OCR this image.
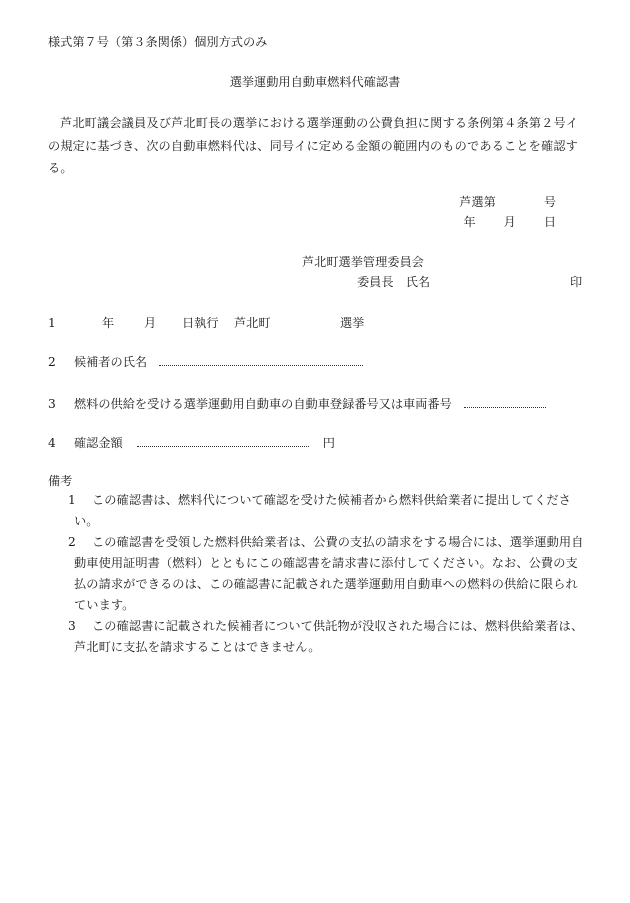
様式第７号（第３条関係）個別方式のみ
選挙運動用自動車燃料代確認書
芦北町議会議員及び芦北町長の選挙における選挙運動の公費負担に関する条例第４条第２号イの規定に基づき、次の自動車燃料代は、同号イに定める金額の範囲内のものであることを確認する。
芦選第	号
年 月 日
芦北町選挙管理委員会
委員長　氏名	印
1	年 月 日執行 芦北町	選挙
2 候補者の氏名
3 燃料の供給を受ける選挙運動用自動車の自動車登録番号又は車両番号
4 確認金額	円
備考
1 この確認書は、燃料代について確認を受けた候補者から燃料供給業者に提出してください。
2 この確認書を受領した燃料供給業者は、公費の支払の請求をする場合には、選挙運動用自動車使用証明書（燃料）とともにこの確認書を請求書に添付してください。なお、公費の支払の請求ができるのは、この確認書に記載された選挙運動用自動車への燃料の供給に限られています。
3 この確認書に記載された候補者について供託物が没収された場合には、燃料供給業者は、芦北町に支払を請求することはできません。
